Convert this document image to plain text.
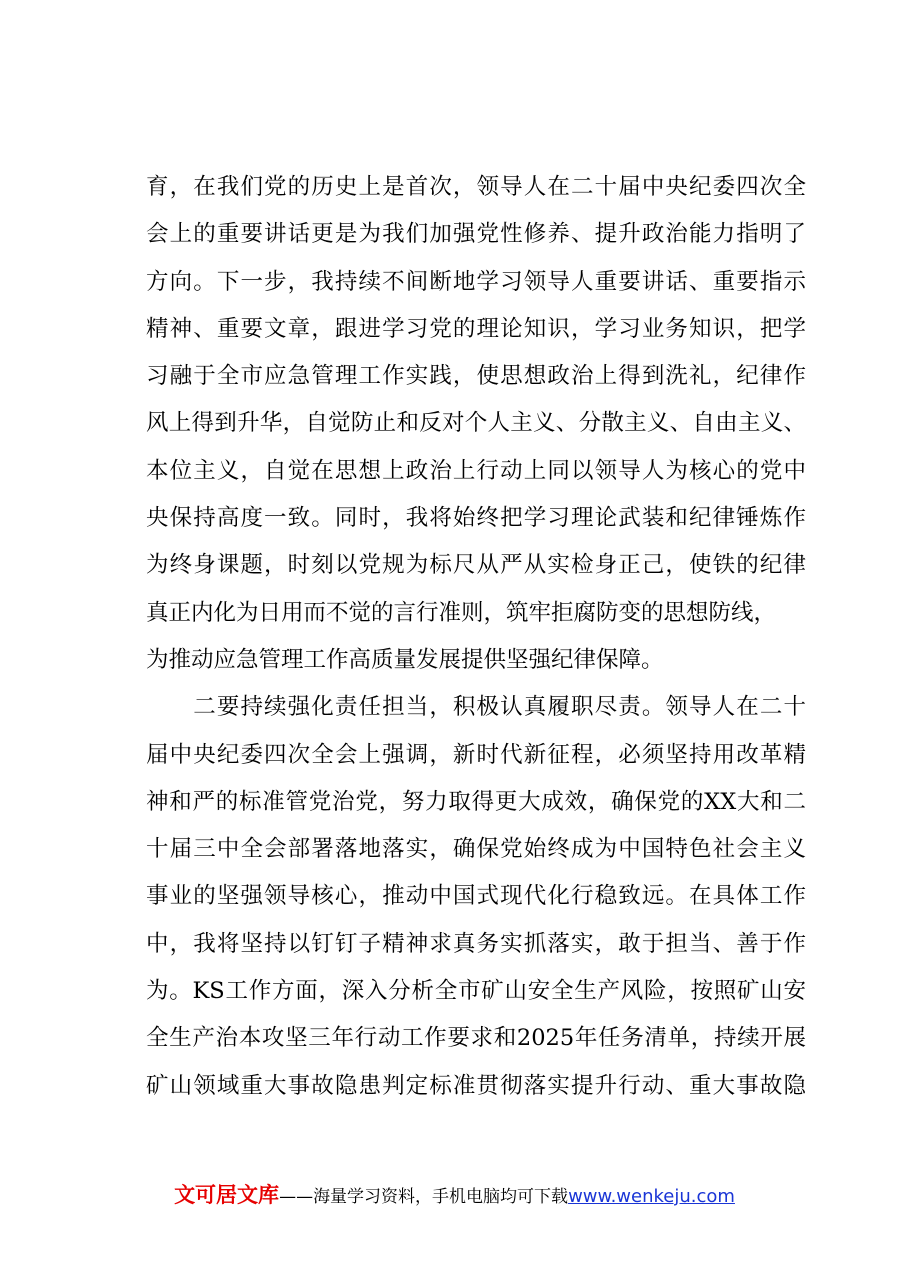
育，在我们党的历史上是首次，领导人在二十届中央纪委四次全
会上的重要讲话更是为我们加强党性修养、提升政治能力指明了
方向。下一步，我持续不间断地学习领导人重要讲话、重要指示
精神、重要文章，跟进学习党的理论知识，学习业务知识，把学
习融于全市应急管理工作实践，使思想政治上得到洗礼，纪律作
风上得到升华，自觉防止和反对个人主义、分散主义、自由主义、
本位主义，自觉在思想上政治上行动上同以领导人为核心的党中
央保持高度一致。同时，我将始终把学习理论武装和纪律锤炼作
为终身课题，时刻以党规为标尺从严从实检身正己，使铁的纪律
真正内化为日用而不觉的言行准则，筑牢拒腐防变的思想防线，
为推动应急管理工作高质量发展提供坚强纪律保障。
　　二要持续强化责任担当，积极认真履职尽责。领导人在二十
届中央纪委四次全会上强调，新时代新征程，必须坚持用改革精
神和严的标准管党治党，努力取得更大成效，确保党的XX大和二
十届三中全会部署落地落实，确保党始终成为中国特色社会主义
事业的坚强领导核心，推动中国式现代化行稳致远。在具体工作
中，我将坚持以钉钉子精神求真务实抓落实，敢于担当、善于作
为。KS工作方面，深入分析全市矿山安全生产风险，按照矿山安
全生产治本攻坚三年行动工作要求和2025年任务清单，持续开展
矿山领域重大事故隐患判定标准贯彻落实提升行动、重大事故隐
文可居文库——海量学习资料，手机电脑均可下载www.wenkeju.com
